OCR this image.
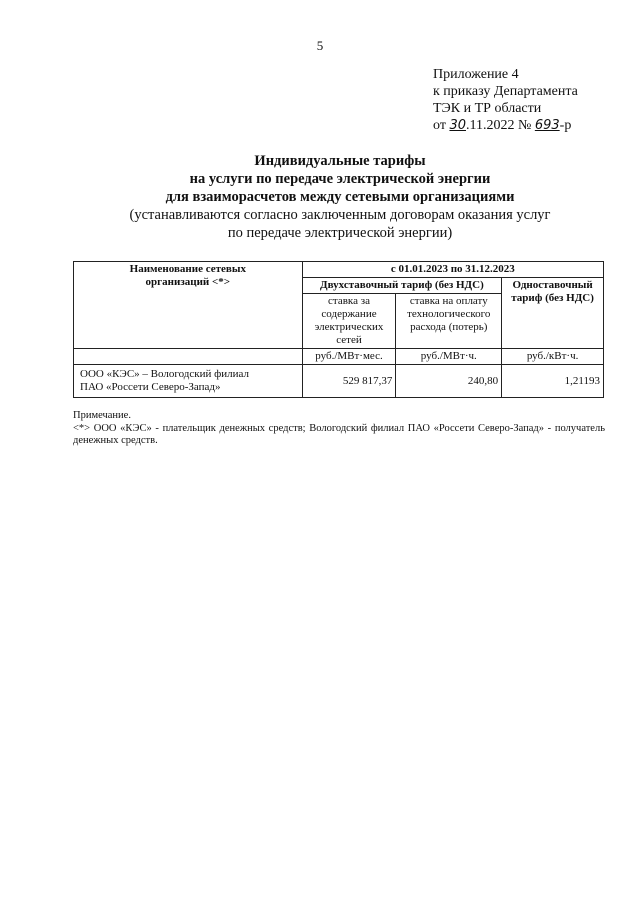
5
Приложение 4
к приказу Департамента
ТЭК и ТР области
от 30.11.2022 № 693-р
Индивидуальные тарифы
на услуги по передаче электрической энергии
для взаиморасчетов между сетевыми организациями
(устанавливаются согласно заключенным договорам оказания услуг
по передаче электрической энергии)
Наименование сетевых организаций <*>	с 01.01.2023 по 31.12.2023		
	Двухставочный тариф (без НДС)		Одноставочный тариф (без НДС)
	ставка за содержание электрических сетей	ставка на оплату технологического расхода (потерь)	
	руб./МВт·мес.	руб./МВт·ч.	руб./кВт·ч.

ООО «КЭС» – Вологодский филиал ПАО «Россети Северо-Запад»	529 817,37	240,80	1,21193
Примечание.
<*> ООО «КЭС» - плательщик денежных средств; Вологодский филиал ПАО «Россети Северо-Запад» - получатель денежных средств.
